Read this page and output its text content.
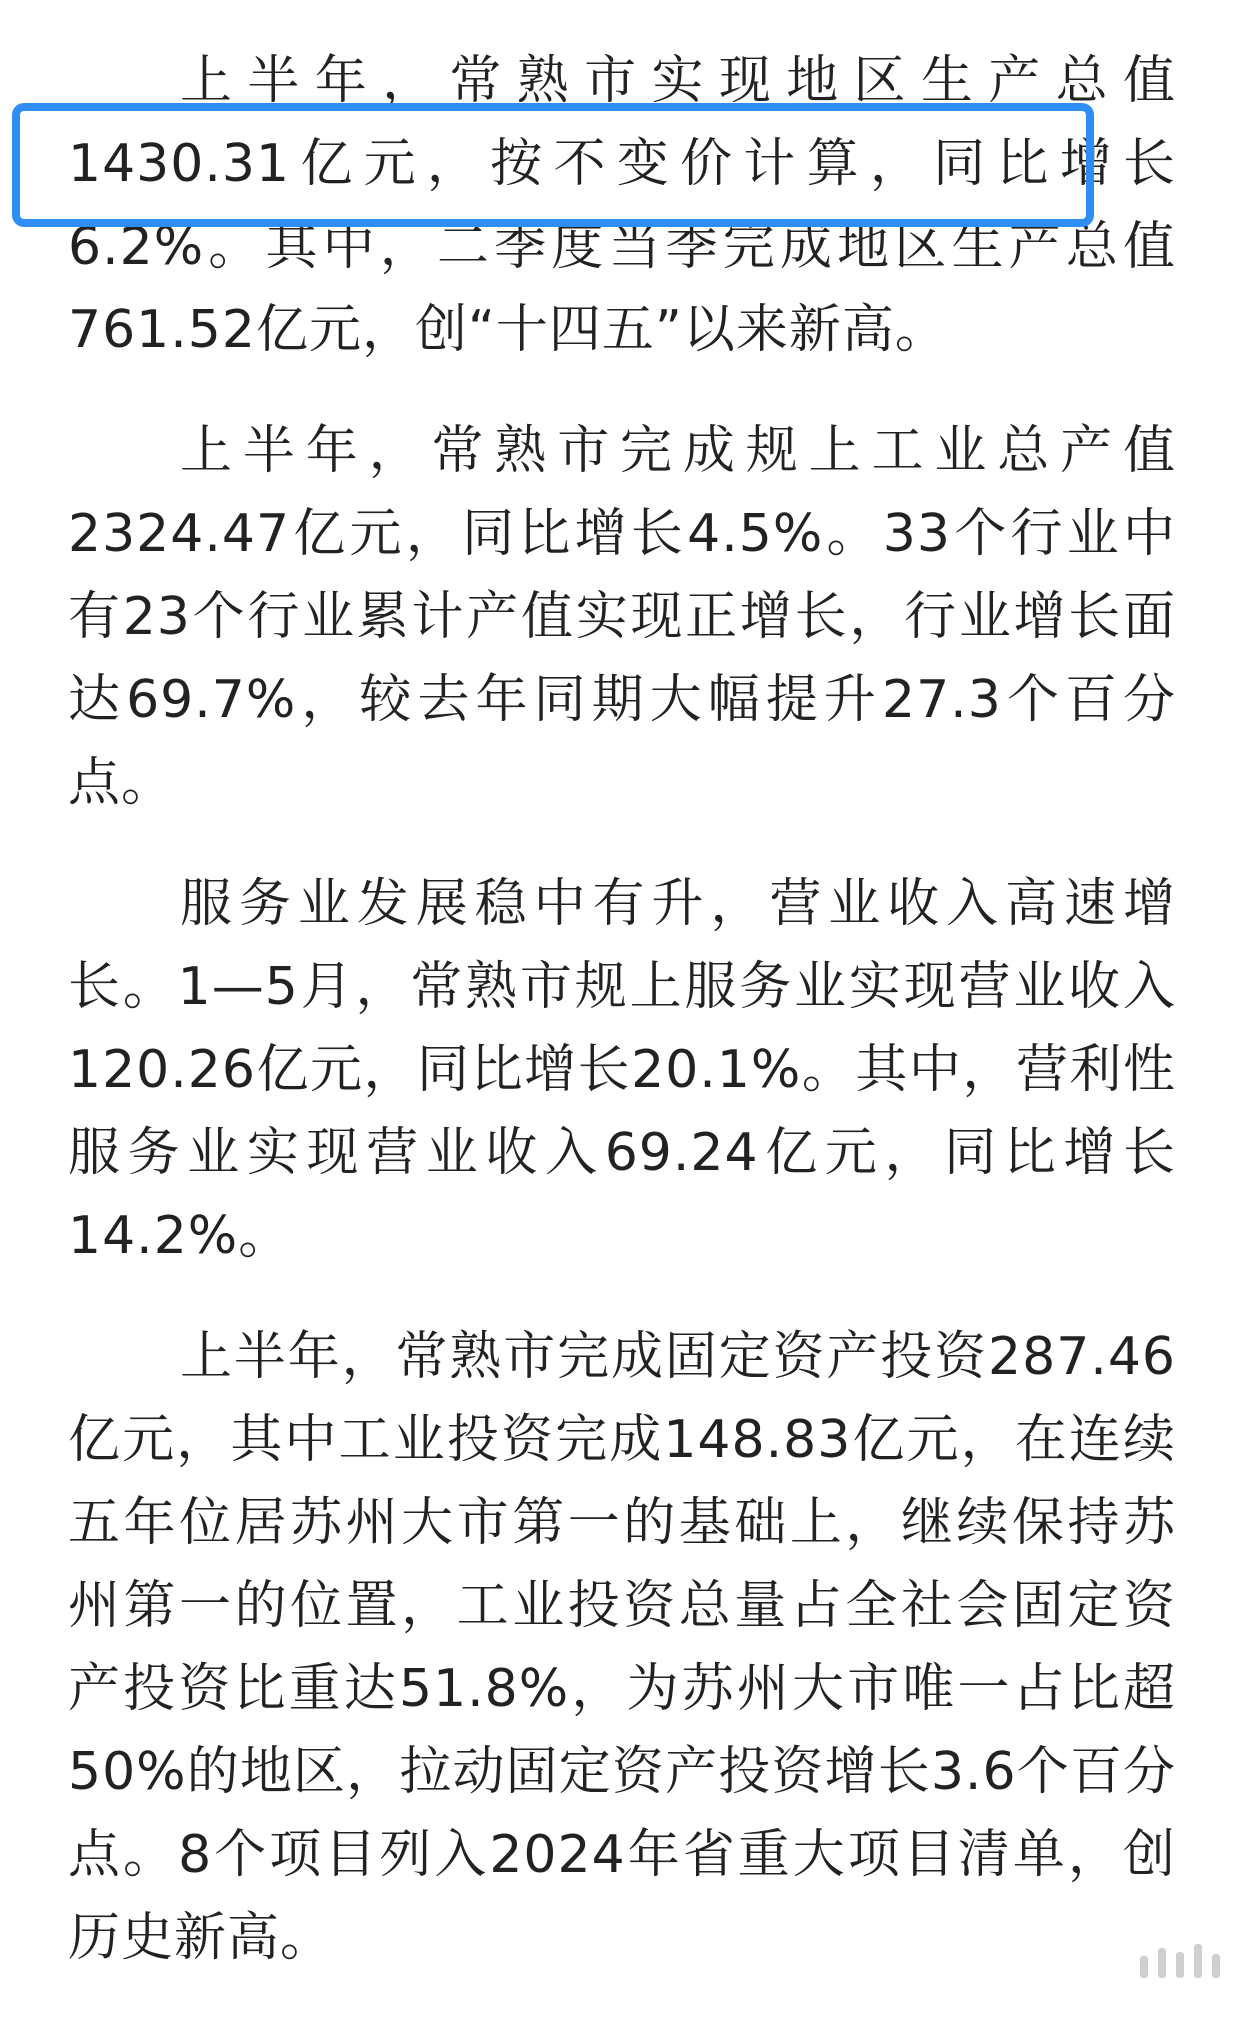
上半年，常熟市实现地区生产总值1430.31亿元，按不变价计算，同比增长6.2%。其中，二季度当季完成地区生产总值761.52亿元，创“十四五”以来新高。

上半年，常熟市完成规上工业总产值2324.47亿元，同比增长4.5%。33个行业中有23个行业累计产值实现正增长，行业增长面达69.7%，较去年同期大幅提升27.3个百分点。

服务业发展稳中有升，营业收入高速增长。1—5月，常熟市规上服务业实现营业收入120.26亿元，同比增长20.1%。其中，营利性服务业实现营业收入69.24亿元，同比增长14.2%。

上半年，常熟市完成固定资产投资287.46亿元，其中工业投资完成148.83亿元，在连续五年位居苏州大市第一的基础上，继续保持苏州第一的位置，工业投资总量占全社会固定资产投资比重达51.8%，为苏州大市唯一占比超50%的地区，拉动固定资产投资增长3.6个百分点。8个项目列入2024年省重大项目清单，创历史新高。
